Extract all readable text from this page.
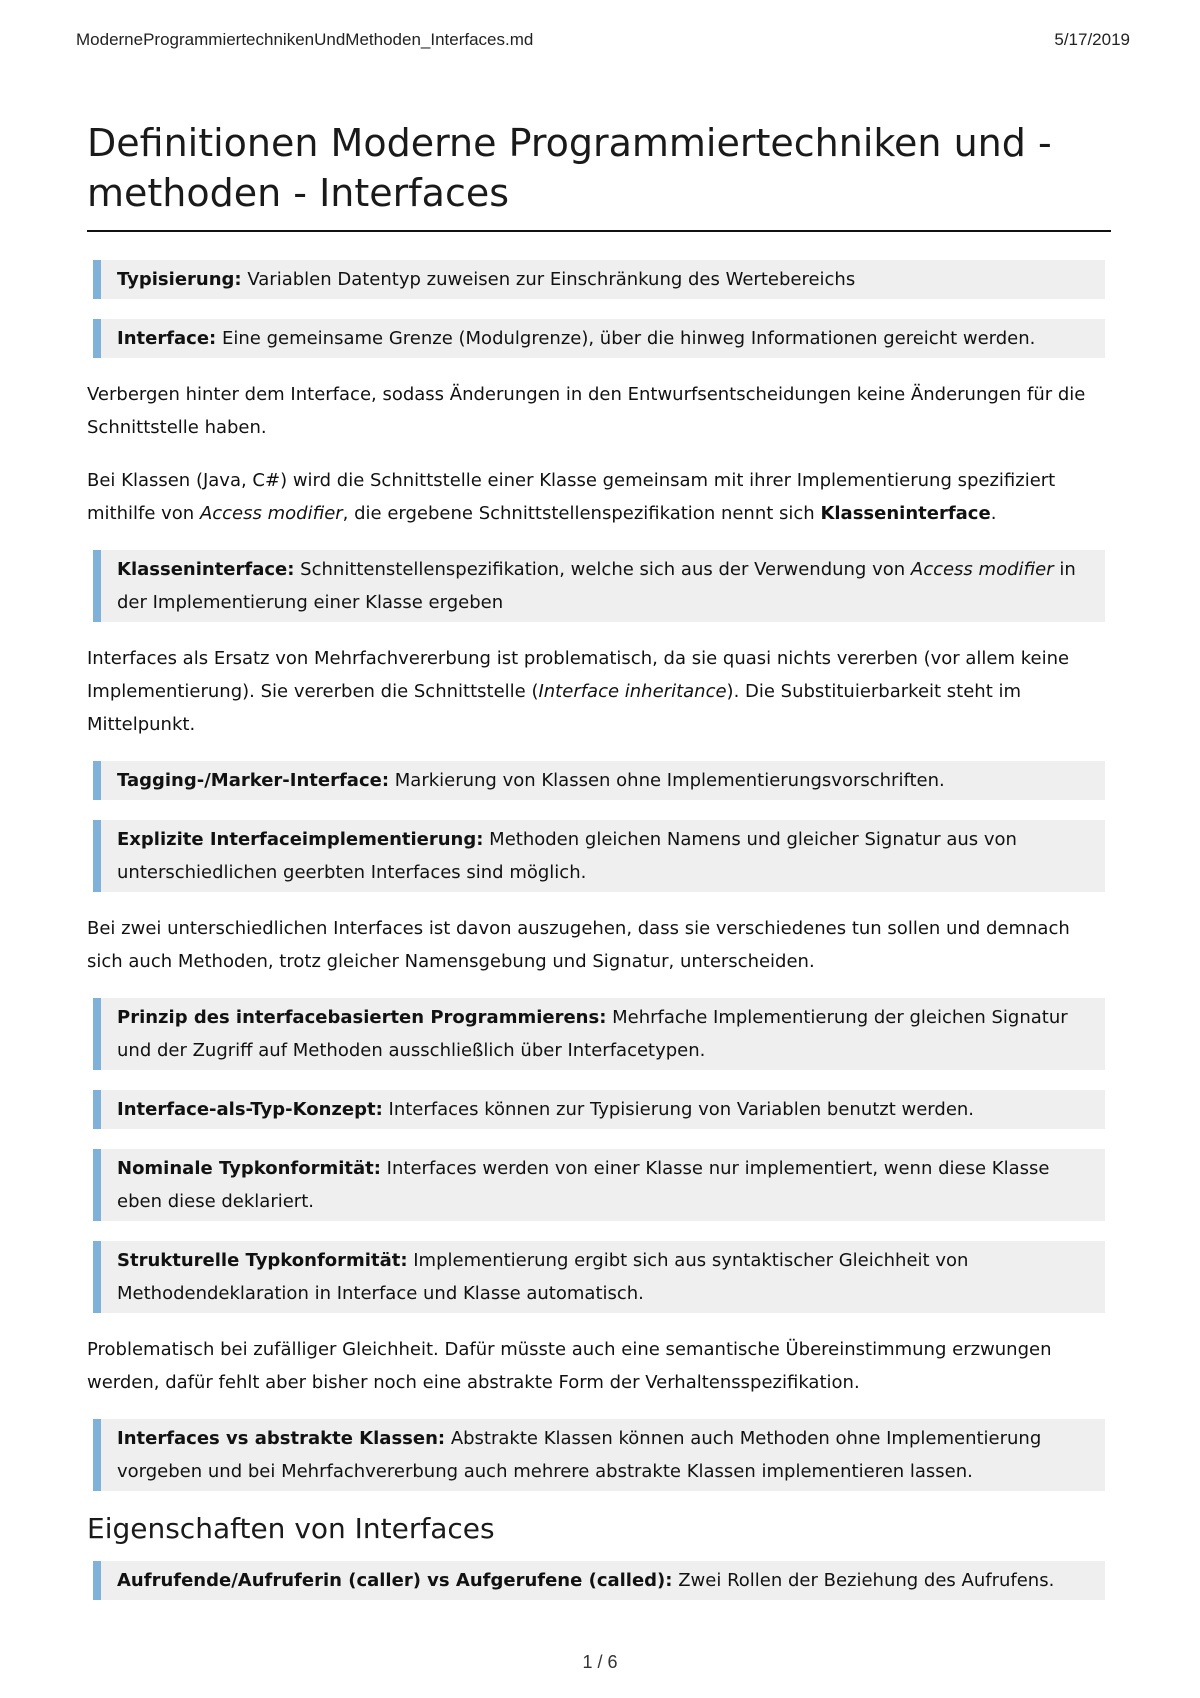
ModerneProgrammiertechnikenUndMethoden_Interfaces.md	5/17/2019
Definitionen Moderne Programmiertechniken und -
methoden - Interfaces
Typisierung: Variablen Datentyp zuweisen zur Einschränkung des Wertebereichs
Interface: Eine gemeinsame Grenze (Modulgrenze), über die hinweg Informationen gereicht werden.

Verbergen hinter dem Interface, sodass Änderungen in den Entwurfsentscheidungen keine Änderungen für die Schnittstelle haben.

Bei Klassen (Java, C#) wird die Schnittstelle einer Klasse gemeinsam mit ihrer Implementierung spezifiziert mithilfe von Access modifier, die ergebene Schnittstellenspezifikation nennt sich Klasseninterface.

Klasseninterface: Schnittenstellenspezifikation, welche sich aus der Verwendung von Access modifier in der Implementierung einer Klasse ergeben

Interfaces als Ersatz von Mehrfachvererbung ist problematisch, da sie quasi nichts vererben (vor allem keine Implementierung). Sie vererben die Schnittstelle (Interface inheritance). Die Substituierbarkeit steht im Mittelpunkt.

Tagging-/Marker-Interface: Markierung von Klassen ohne Implementierungsvorschriften.
Explizite Interfaceimplementierung: Methoden gleichen Namens und gleicher Signatur aus von unterschiedlichen geerbten Interfaces sind möglich.

Bei zwei unterschiedlichen Interfaces ist davon auszugehen, dass sie verschiedenes tun sollen und demnach sich auch Methoden, trotz gleicher Namensgebung und Signatur, unterscheiden.

Prinzip des interfacebasierten Programmierens: Mehrfache Implementierung der gleichen Signatur und der Zugriff auf Methoden ausschließlich über Interfacetypen.
Interface-als-Typ-Konzept: Interfaces können zur Typisierung von Variablen benutzt werden.
Nominale Typkonformität: Interfaces werden von einer Klasse nur implementiert, wenn diese Klasse eben diese deklariert.
Strukturelle Typkonformität: Implementierung ergibt sich aus syntaktischer Gleichheit von Methodendeklaration in Interface und Klasse automatisch.

Problematisch bei zufälliger Gleichheit. Dafür müsste auch eine semantische Übereinstimmung erzwungen werden, dafür fehlt aber bisher noch eine abstrakte Form der Verhaltensspezifikation.

Interfaces vs abstrakte Klassen: Abstrakte Klassen können auch Methoden ohne Implementierung vorgeben und bei Mehrfachvererbung auch mehrere abstrakte Klassen implementieren lassen.
Eigenschaften von Interfaces
Aufrufende/Aufruferin (caller) vs Aufgerufene (called): Zwei Rollen der Beziehung des Aufrufens.
1 / 6
